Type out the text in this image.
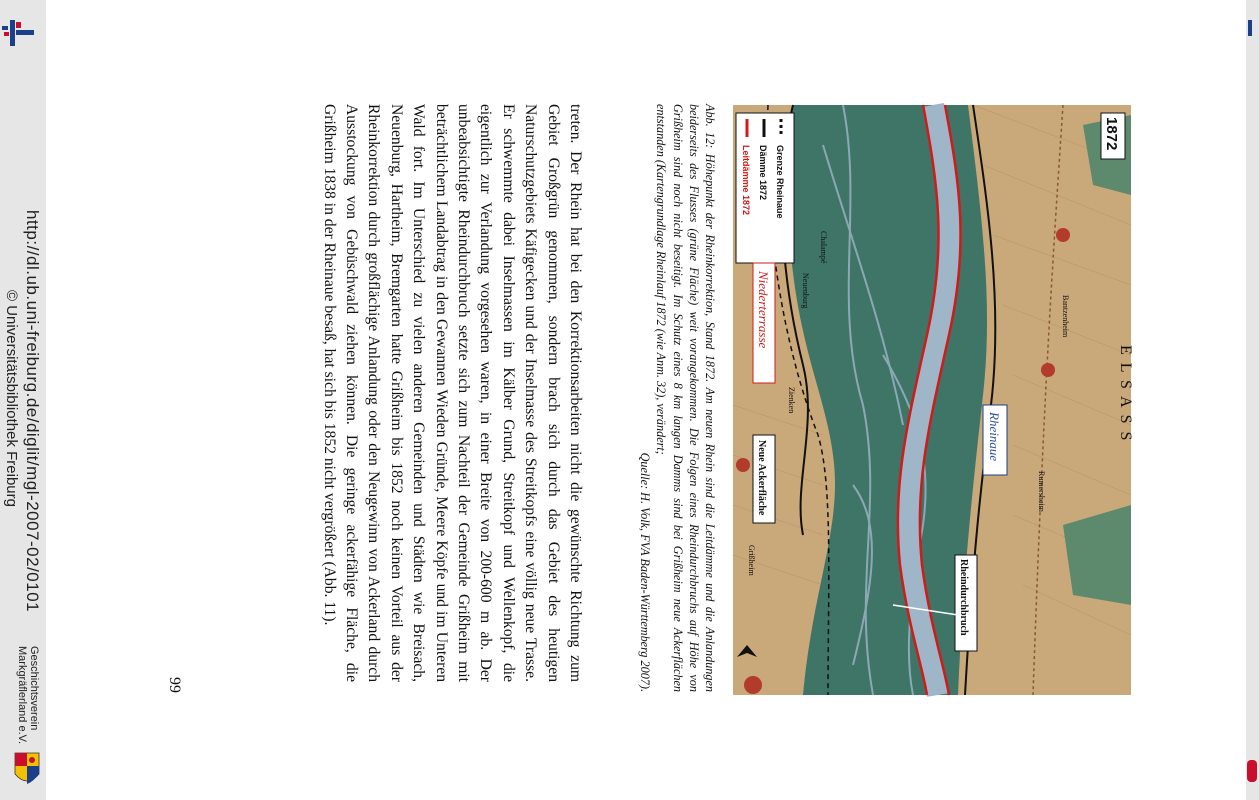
http://dl.ub.uni-freiburg.de/diglit/mgl-2007-02/0101
© Universitätsbibliothek Freiburg
Geschichtsverein
Markgräflerland e.V.	99

treten. Der Rhein hat bei den Korrektionsarbeiten nicht die gewünschte Richtung zum Gebiet Großgrün genommen, sondern brach sich durch das Gebiet des heutigen Naturschutzgebiets Käfigecken und der Inselmasse des Streitkopfs eine völlig neue Trasse. Er schwemmte dabei Inselmassen im Kälber Grund, Streitkopf und Wellenkopf, die eigentlich zur Verlandung vorgesehen waren, in einer Breite von 200-600 m ab. Der unbeabsichtigte Rheindurchbruch setzte sich zum Nachteil der Gemeinde Grißheim mit beträchtlichem Landabtrag in den Gewannen Wieden Gründe, Meere Köpfe und im Unteren Wald fort. Im Unterschied zu vielen anderen Gemeinden und Städten wie Breisach, Neuenburg, Hartheim, Bremgarten hatte Grißheim bis 1852 noch keinen Vorteil aus der Rheinkorrektion durch großflächige Anlandung oder den Neugewinn von Ackerland durch Ausstockung von Gebüschwald ziehen können. Die geringe ackerfähige Fläche, die Grißheim 1838 in der Rheinaue besaß, hat sich bis 1852 nicht vergrößert (Abb. 11).	Abb. 12: Höhepunkt der Rheinkorrektion, Stand 1872. Am neuen Rhein sind die Leitdämme und die Anlandungen beiderseits des Flusses (grüne Fläche) weit vorangekommen. Die Folgen eines Rheindurchbruchs auf Höhe von Grißheim sind noch nicht beseitigt. Im Schutz eines 8 km langen Damms sind bei Grißheim neue Ackerflächen entstanden (Kartengrundlage Rheinlauf 1872 (wie Anm. 32), verändert;
Quelle: H. Volk, FVA Baden-Württemberg 2007).
1872
Grenze Rheinaue
Dämme 1872
Leitdämme 1872
Rheinaue
Niederterrasse
Neue Ackerfläche
Rheindurchbruch
Neuenburg
Chalampé
Zienken
Grißheim
Bantzenheim
Rumersheim
E L S A S S
